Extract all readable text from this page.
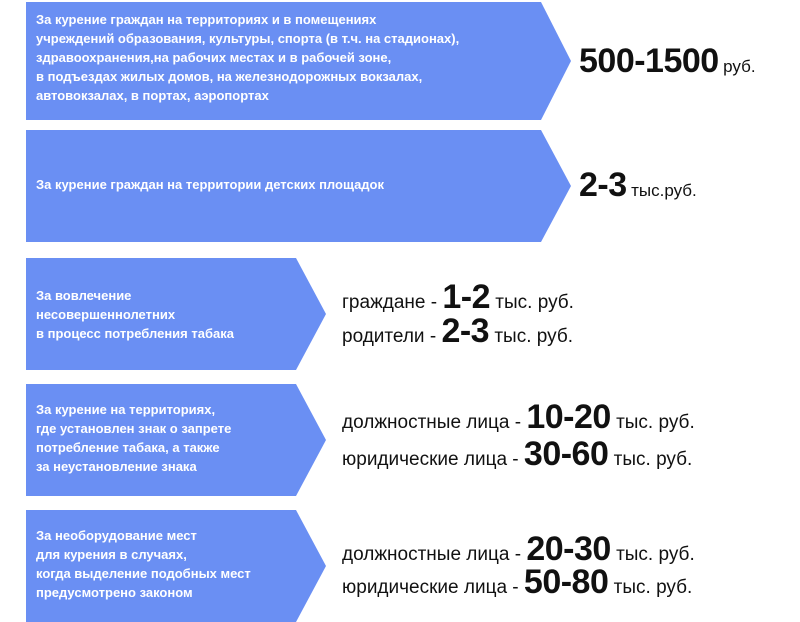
За курение граждан на территориях и в помещениях
учреждений образования, культуры, спорта (в т.ч. на стадионах),
здравоохранения,на рабочих местах и в рабочей зоне,
в подъездах жилых домов, на железнодорожных вокзалах,
автовокзалах, в портах, аэропортах
500-1500 руб.
За курение граждан на территории детских площадок	2-3 тыс.руб.
За вовлечение
несовершеннолетних
в процесс потребления табака
граждане - 1-2 тыс. руб.
родители - 2-3 тыс. руб.
За курение на территориях,
где установлен знак о запрете
потребление табака, а также
за неустановление знака
должностные лица - 10-20 тыс. руб.
юридические лица - 30-60 тыс. руб.
За необорудование мест
для курения в случаях,
когда выделение подобных мест
предусмотрено законом
должностные лица - 20-30 тыс. руб.
юридические лица - 50-80 тыс. руб.
